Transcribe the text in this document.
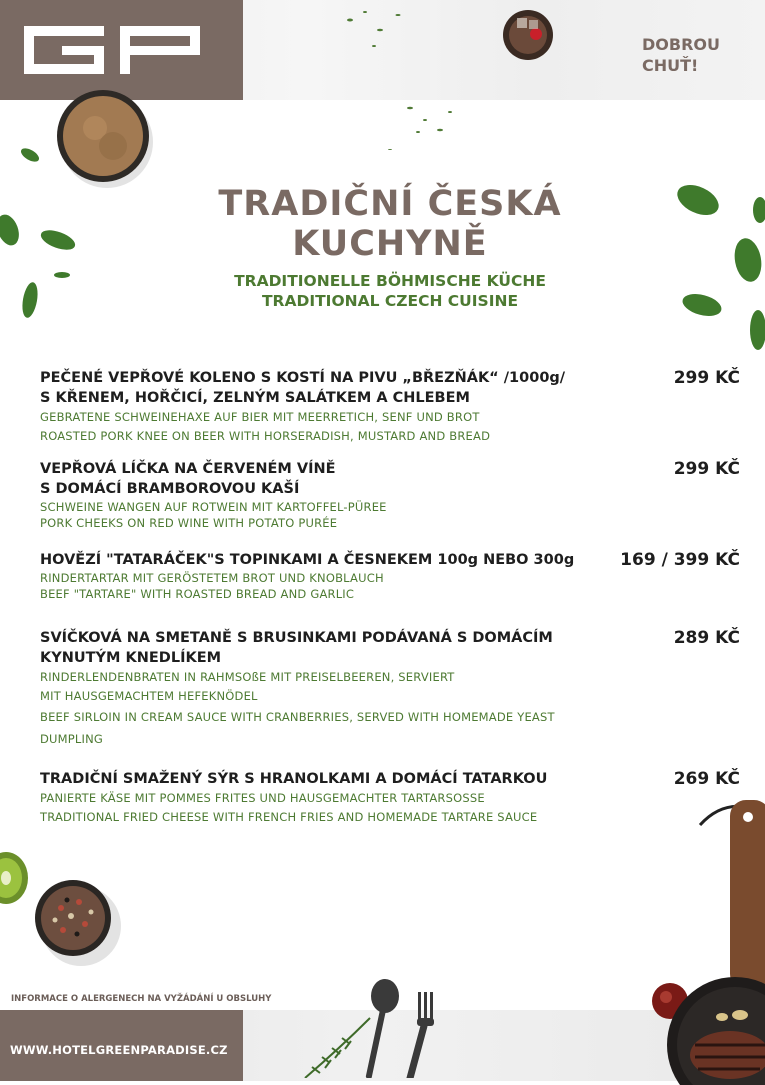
DOBROU
CHUŤ!
TRADIČNÍ ČESKÁ
KUCHYNĚ
TRADITIONELLE BÖHMISCHE KÜCHE
TRADITIONAL CZECH CUISINE
PEČENÉ VEPŘOVÉ KOLENO S KOSTÍ NA PIVU „BŘEZŇÁK“ /1000g/
S KŘENEM, HOŘČICÍ, ZELNÝM SALÁTKEM A CHLEBEM
299 KČ
GEBRATENE SCHWEINEHAXE AUF BIER MIT MEERRETICH, SENF UND BROT
ROASTED PORK KNEE ON BEER WITH HORSERADISH, MUSTARD AND BREAD
VEPŘOVÁ LÍČKA NA ČERVENÉM VÍNĚ
S DOMÁCÍ BRAMBOROVOU KAŠÍ
299 KČ
SCHWEINE WANGEN AUF ROTWEIN MIT KARTOFFEL-PÜREE
PORK CHEEKS ON RED WINE WITH POTATO PURÉE
HOVĚZÍ "TATARÁČEK"S TOPINKAMI A ČESNEKEM 100g NEBO 300g	169 / 399 KČ
RINDERTARTAR MIT GERÖSTETEM BROT UND KNOBLAUCH
BEEF "TARTARE" WITH ROASTED BREAD AND GARLIC
SVÍČKOVÁ NA SMETANĚ S BRUSINKAMI PODÁVANÁ S DOMÁCÍM
KYNUTÝM KNEDLÍKEM
289 KČ
RINDERLENDENBRATEN IN RAHMSOßE MIT PREISELBEEREN, SERVIERT
MIT HAUSGEMACHTEM HEFEKNÖDEL
BEEF SIRLOIN IN CREAM SAUCE WITH CRANBERRIES, SERVED WITH HOMEMADE YEAST
DUMPLING
TRADIČNÍ SMAŽENÝ SÝR S HRANOLKAMI A DOMÁCÍ TATARKOU	269 KČ
PANIERTE KÄSE MIT POMMES FRITES UND HAUSGEMACHTER TARTARSOSSE
TRADITIONAL FRIED CHEESE WITH FRENCH FRIES AND HOMEMADE TARTARE SAUCE
INFORMACE O ALERGENECH NA VYŽÁDÁNÍ U OBSLUHY
WWW.HOTELGREENPARADISE.CZ
